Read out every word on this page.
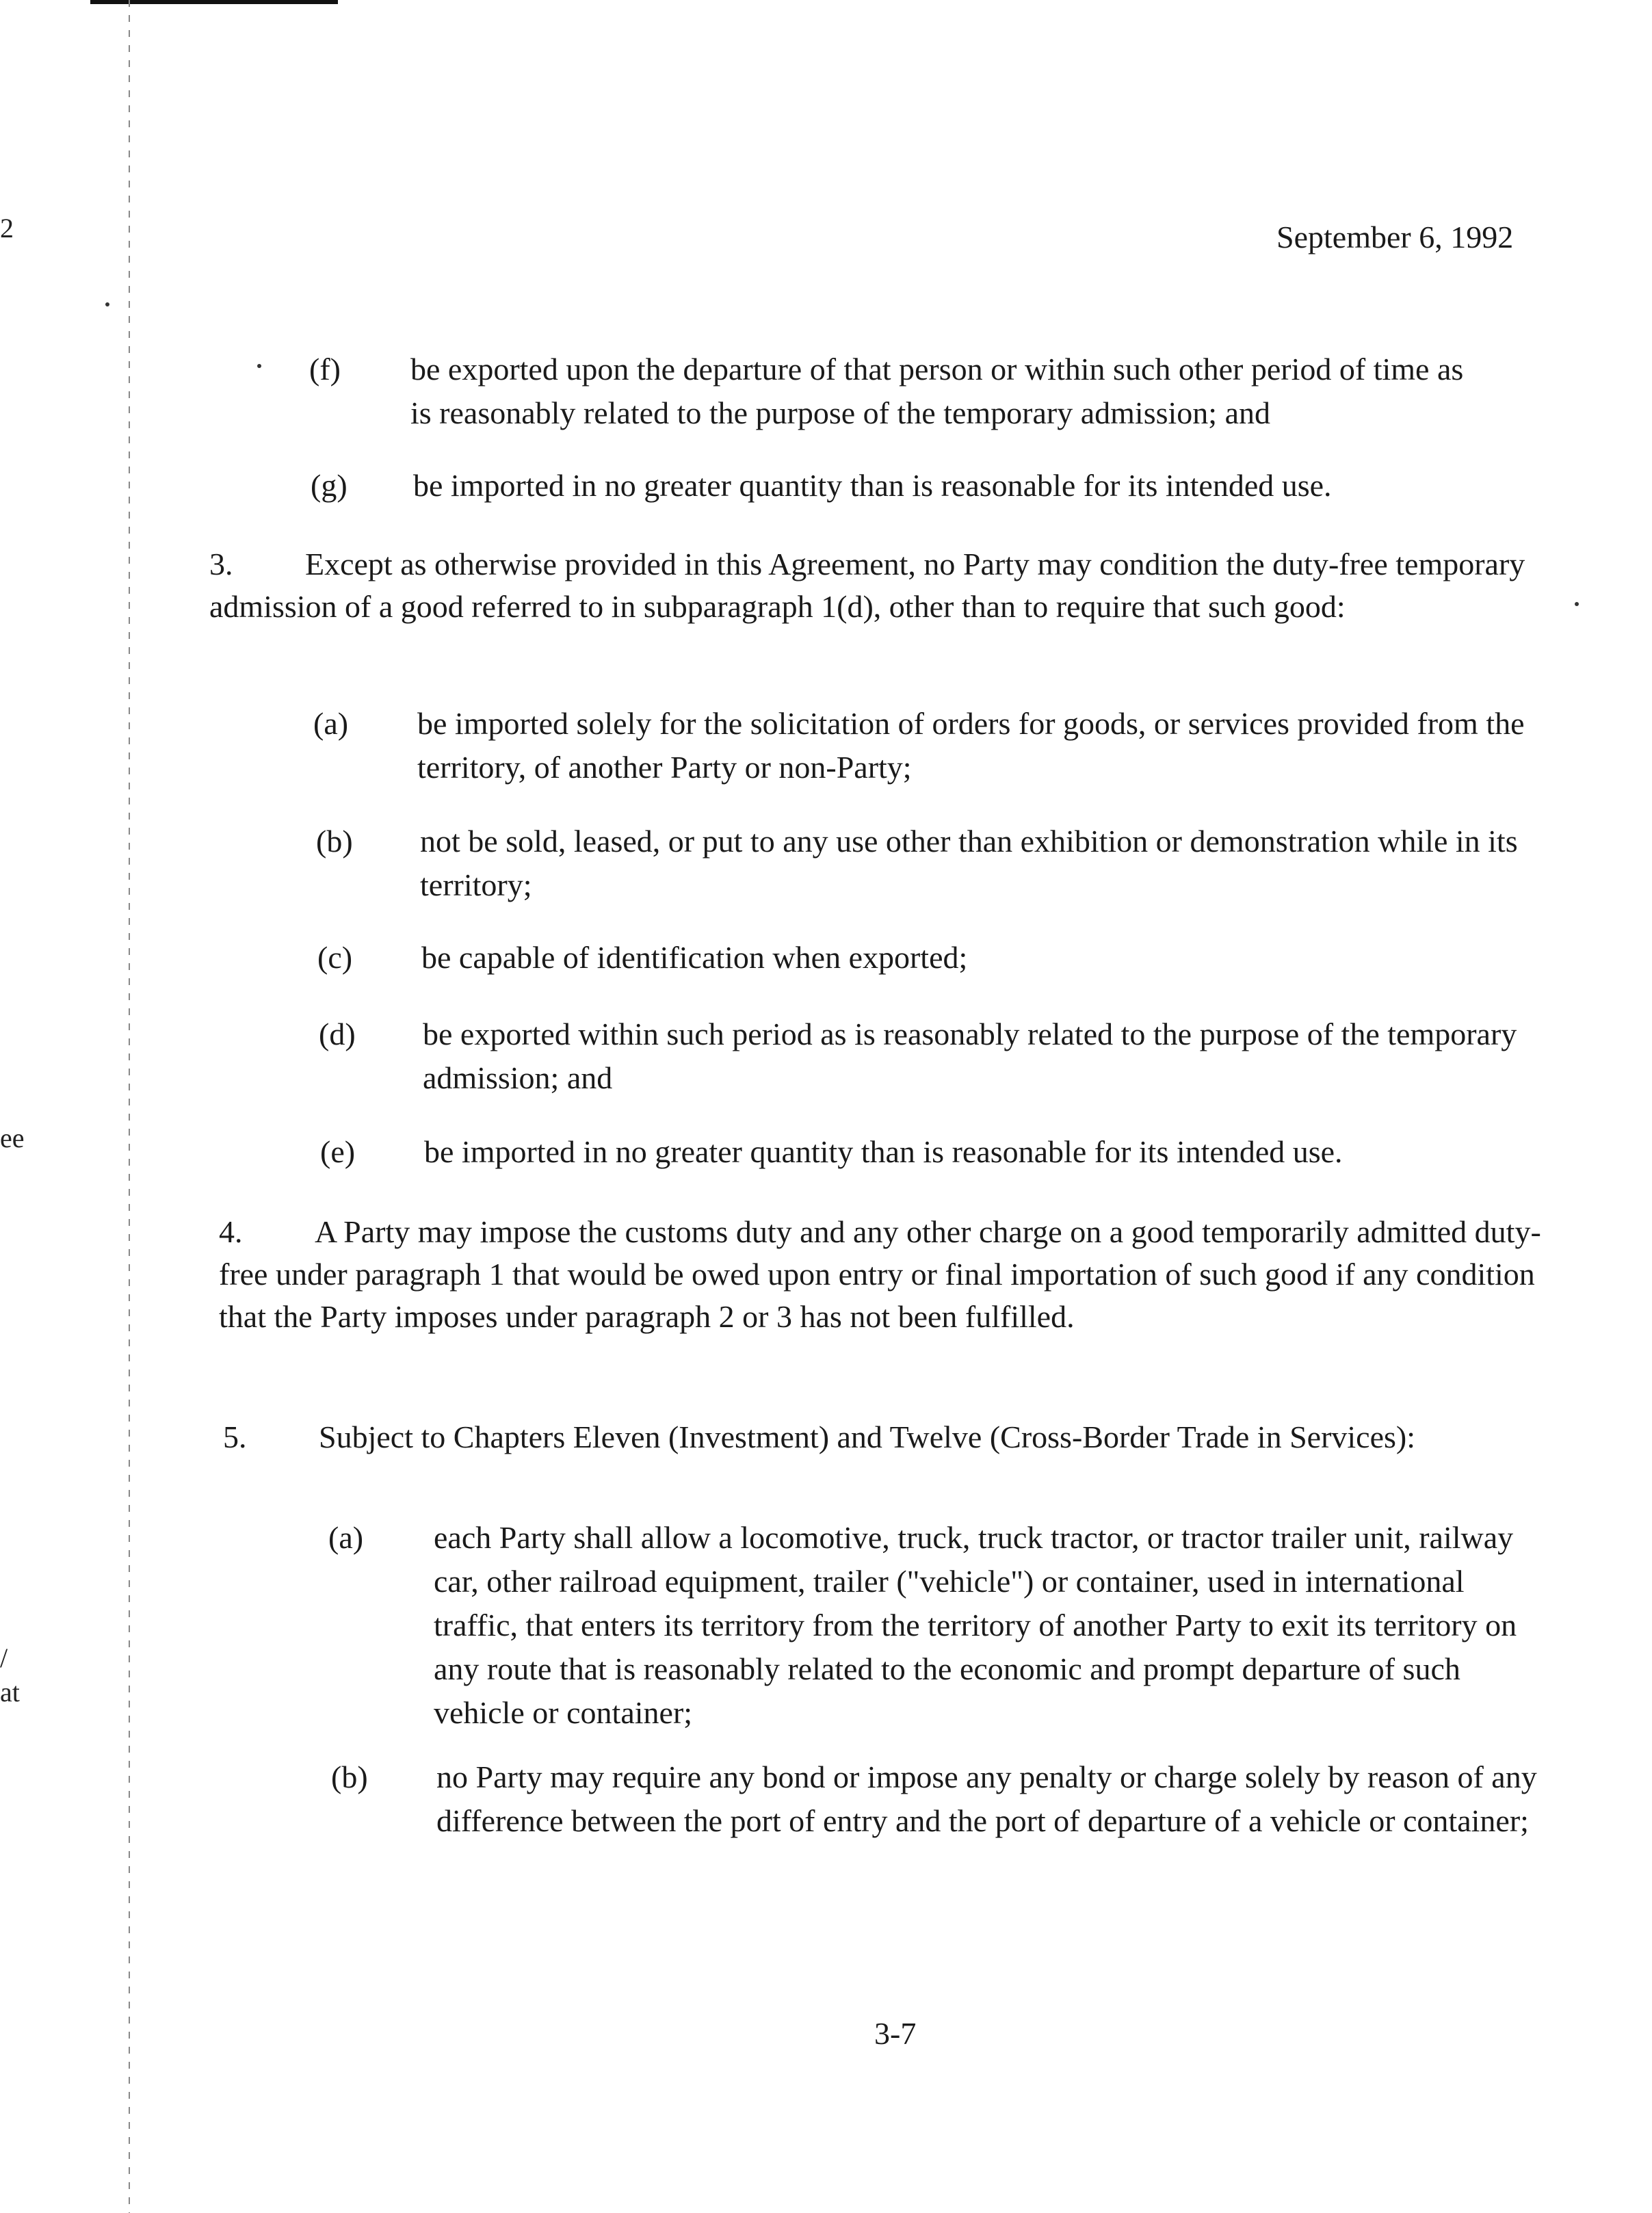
2
ee
/
at
September 6, 1992
(f) be exported upon the departure of that person or within such other period of time as is reasonably related to the purpose of the temporary admission; and
(g) be imported in no greater quantity than is reasonable for its intended use.
3. Except as otherwise provided in this Agreement, no Party may condition the duty-free temporary admission of a good referred to in subparagraph 1(d), other than to require that such good:
(a) be imported solely for the solicitation of orders for goods, or services provided from the territory, of another Party or non-Party;
(b) not be sold, leased, or put to any use other than exhibition or demonstration while in its territory;
(c) be capable of identification when exported;
(d) be exported within such period as is reasonably related to the purpose of the temporary admission; and
(e) be imported in no greater quantity than is reasonable for its intended use.
4. A Party may impose the customs duty and any other charge on a good temporarily admitted duty-free under paragraph 1 that would be owed upon entry or final importation of such good if any condition that the Party imposes under paragraph 2 or 3 has not been fulfilled.
5. Subject to Chapters Eleven (Investment) and Twelve (Cross-Border Trade in Services):
(a) each Party shall allow a locomotive, truck, truck tractor, or tractor trailer unit, railway car, other railroad equipment, trailer ("vehicle") or container, used in international traffic, that enters its territory from the territory of another Party to exit its territory on any route that is reasonably related to the economic and prompt departure of such vehicle or container;
(b) no Party may require any bond or impose any penalty or charge solely by reason of any difference between the port of entry and the port of departure of a vehicle or container;
3-7
